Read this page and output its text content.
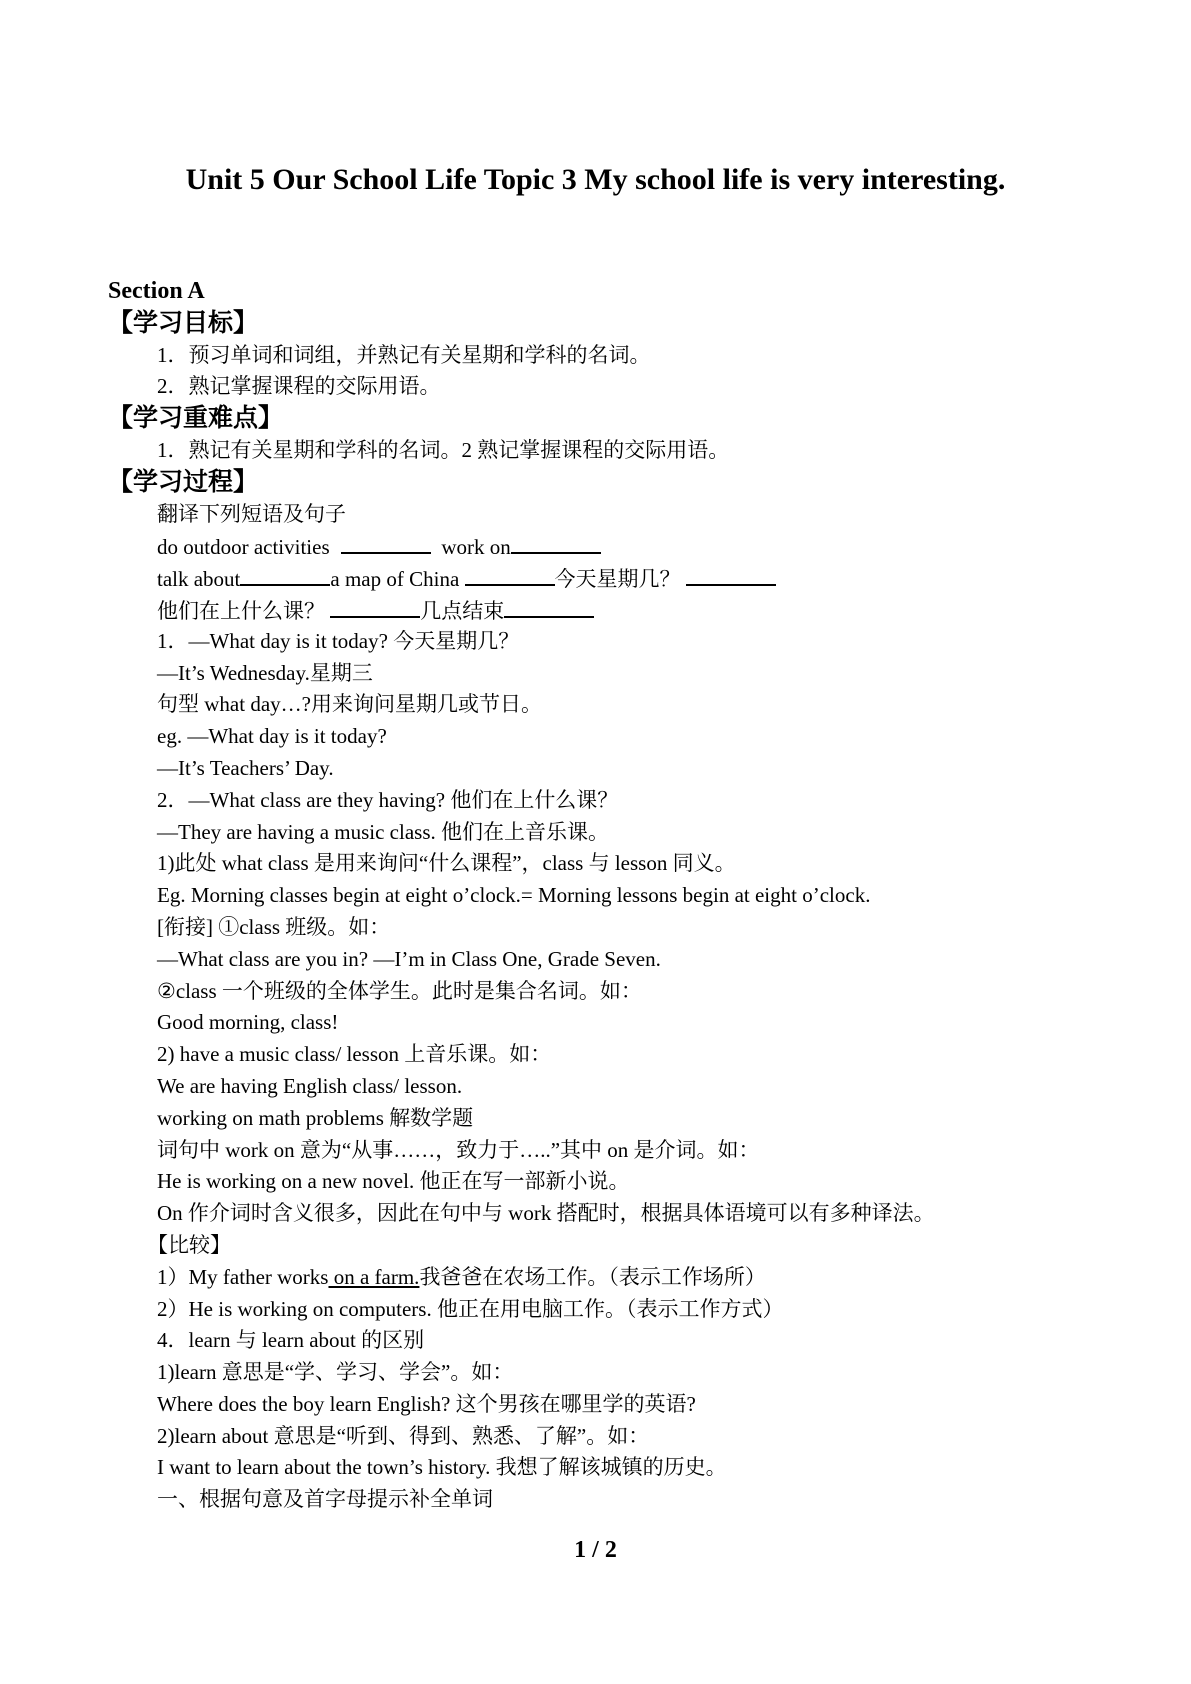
Unit 5 Our School Life Topic 3 My school life is very interesting.
Section A
【学习目标】
1．预习单词和词组，并熟记有关星期和学科的名词。
2．熟记掌握课程的交际用语。
【学习重难点】
1．熟记有关星期和学科的名词。2 熟记掌握课程的交际用语。
【学习过程】
翻译下列短语及句子
do outdoor activities	work on
talk about	a map of China	今天星期几？
他们在上什么课？	几点结束
1．—What day is it today? 今天星期几？
—It’s Wednesday.星期三
句型 what day…?用来询问星期几或节日。
eg. —What day is it today?
—It’s Teachers’ Day.
2．—What class are they having? 他们在上什么课？
—They are having a music class. 他们在上音乐课。
1)此处 what class 是用来询问“什么课程”，class 与 lesson 同义。
Eg. Morning classes begin at eight o’clock.= Morning lessons begin at eight o’clock.
[衔接] ①class 班级。如：
—What class are you in? —I’m in Class One, Grade Seven.
②class 一个班级的全体学生。此时是集合名词。如：
Good morning, class!
2) have a music class/ lesson 上音乐课。如：
We are having English class/ lesson.
working on math problems 解数学题
词句中 work on 意为“从事……，致力于…..”其中 on 是介词。如：
He is working on a new novel. 他正在写一部新小说。
On 作介词时含义很多，因此在句中与 work 搭配时，根据具体语境可以有多种译法。
【比较】
1）My father works on a farm.我爸爸在农场工作。（表示工作场所）
2）He is working on computers. 他正在用电脑工作。（表示工作方式）
4．learn 与 learn about 的区别
1)learn 意思是“学、学习、学会”。如：
Where does the boy learn English? 这个男孩在哪里学的英语?
2)learn about 意思是“听到、得到、熟悉、了解”。如：
I want to learn about the town’s history. 我想了解该城镇的历史。
一、根据句意及首字母提示补全单词
1 / 2
